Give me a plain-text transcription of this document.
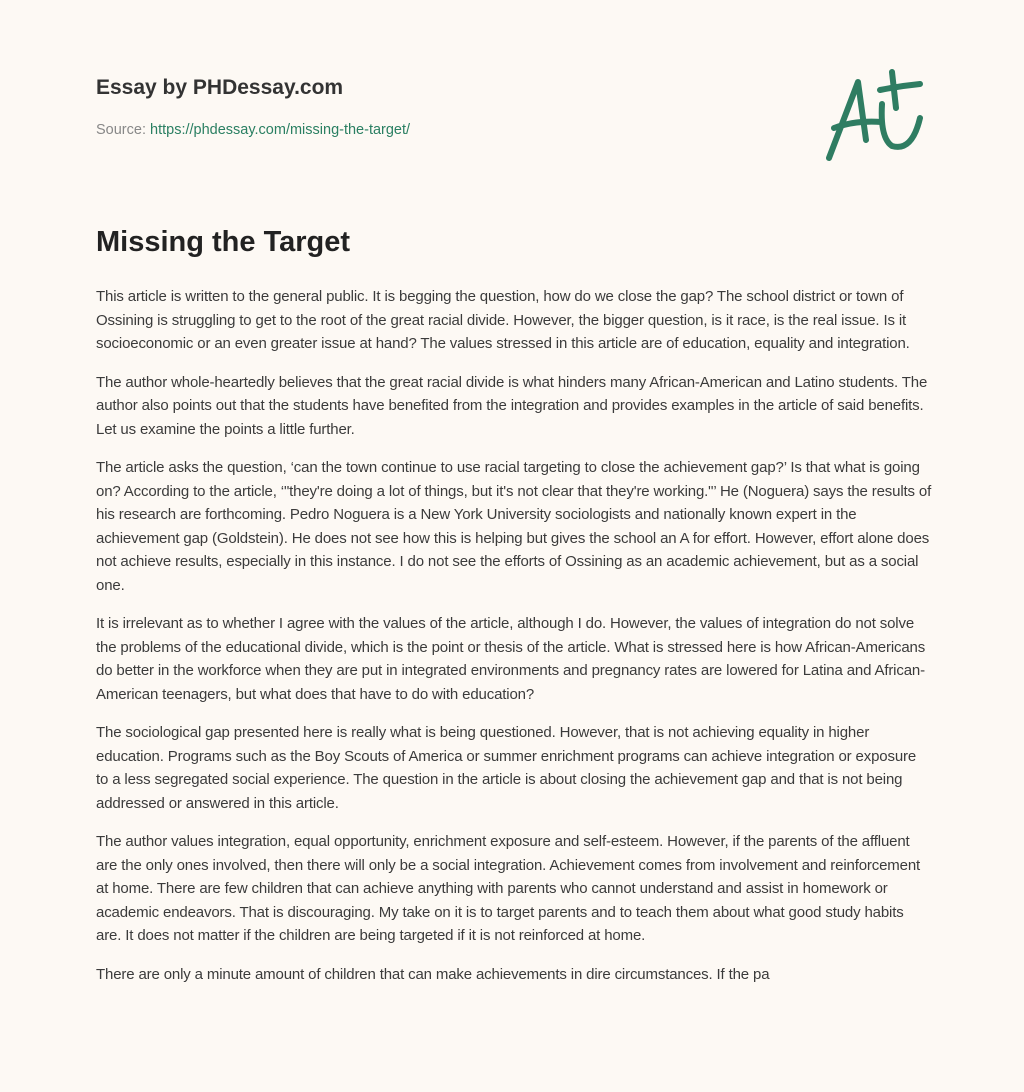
Essay by PHDessay.com
Source: https://phdessay.com/missing-the-target/
Missing the Target

This article is written to the general public. It is begging the question, how do we close the gap? The school district or town of Ossining is struggling to get to the root of the great racial divide. However, the bigger question, is it race, is the real issue. Is it socioeconomic or an even greater issue at hand? The values stressed in this article are of education, equality and integration.

The author whole-heartedly believes that the great racial divide is what hinders many African-American and Latino students. The author also points out that the students have benefited from the integration and provides examples in the article of said benefits. Let us examine the points a little further.

The article asks the question, ‘can the town continue to use racial targeting to close the achievement gap?’ Is that what is going on? According to the article, ‘"they're doing a lot of things, but it's not clear that they're working."’ He (Noguera) says the results of his research are forthcoming. Pedro Noguera is a New York University sociologists and nationally known expert in the achievement gap (Goldstein). He does not see how this is helping but gives the school an A for effort. However, effort alone does not achieve results, especially in this instance. I do not see the efforts of Ossining as an academic achievement, but as a social one.

It is irrelevant as to whether I agree with the values of the article, although I do. However, the values of integration do not solve the problems of the educational divide, which is the point or thesis of the article. What is stressed here is how African-Americans do better in the workforce when they are put in integrated environments and pregnancy rates are lowered for Latina and African-American teenagers, but what does that have to do with education?

The sociological gap presented here is really what is being questioned. However, that is not achieving equality in higher education. Programs such as the Boy Scouts of America or summer enrichment programs can achieve integration or exposure to a less segregated social experience. The question in the article is about closing the achievement gap and that is not being addressed or answered in this article.

The author values integration, equal opportunity, enrichment exposure and self-esteem. However, if the parents of the affluent are the only ones involved, then there will only be a social integration. Achievement comes from involvement and reinforcement at home. There are few children that can achieve anything with parents who cannot understand and assist in homework or academic endeavors. That is discouraging. My take on it is to target parents and to teach them about what good study habits are. It does not matter if the children are being targeted if it is not reinforced at home.

There are only a minute amount of children that can make achievements in dire circumstances. If the pa
